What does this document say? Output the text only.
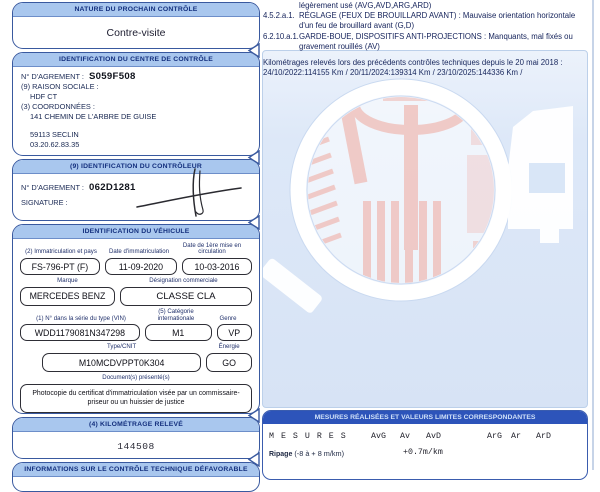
NATURE DU PROCHAIN CONTRÔLE
Contre-visite
IDENTIFICATION DU CENTRE DE CONTRÔLE
N° D'AGREMENT : S059F508
(9) RAISON SOCIALE :
HDF CT
(3) COORDONNÉES :
141 CHEMIN DE L'ARBRE DE GUISE
59113 SECLIN
03.20.62.83.35
(9) IDENTIFICATION DU CONTRÔLEUR
N° D'AGREMENT : 062D1281
SIGNATURE :
IDENTIFICATION DU VÉHICULE
(2) Immatriculation et pays	Date d'immatriculation
Date de 1ère mise en circulation
FS-796-PT (F)	11-09-2020	10-03-2016
Marque	Désignation commerciale
MERCEDES BENZ	CLASSE CLA
(1) N° dans la série du type (VIN)
(5) Catégorie internationale	Genre
WDD1179081N347298	M1	VP
Type/CNIT	Énergie
M10MCDVPPT0K304	GO
Document(s) présenté(s)
Photocopie du certificat d'immatriculation visée par un commissaire-priseur ou un huissier de justice
(4) KILOMÉTRAGE RELEVÉ
144508
INFORMATIONS SUR LE CONTRÔLE TECHNIQUE DÉFAVORABLE
légèrement usé (AVG,AVD,ARG,ARD)
4.5.2.a.1. RÉGLAGE (FEUX DE BROUILLARD AVANT) : Mauvaise orientation horizontale
d'un feu de brouillard avant (G,D)
6.2.10.a.1. GARDE-BOUE, DISPOSITIFS ANTI-PROJECTIONS : Manquants, mal fixés ou
gravement rouillés (AV)
Kilométrages relevés lors des précédents contrôles techniques depuis le 20 mai 2018 :
24/10/2022:114155 Km / 20/11/2024:139314 Km / 23/10/2025:144336 Km /
MESURES RÉALISÉES ET VALEURS LIMITES CORRESPONDANTES
M E S U R E S	AvG Av AvD	ArG Ar ArD
Ripage (-8 à + 8 m/km)	+0.7m/km
